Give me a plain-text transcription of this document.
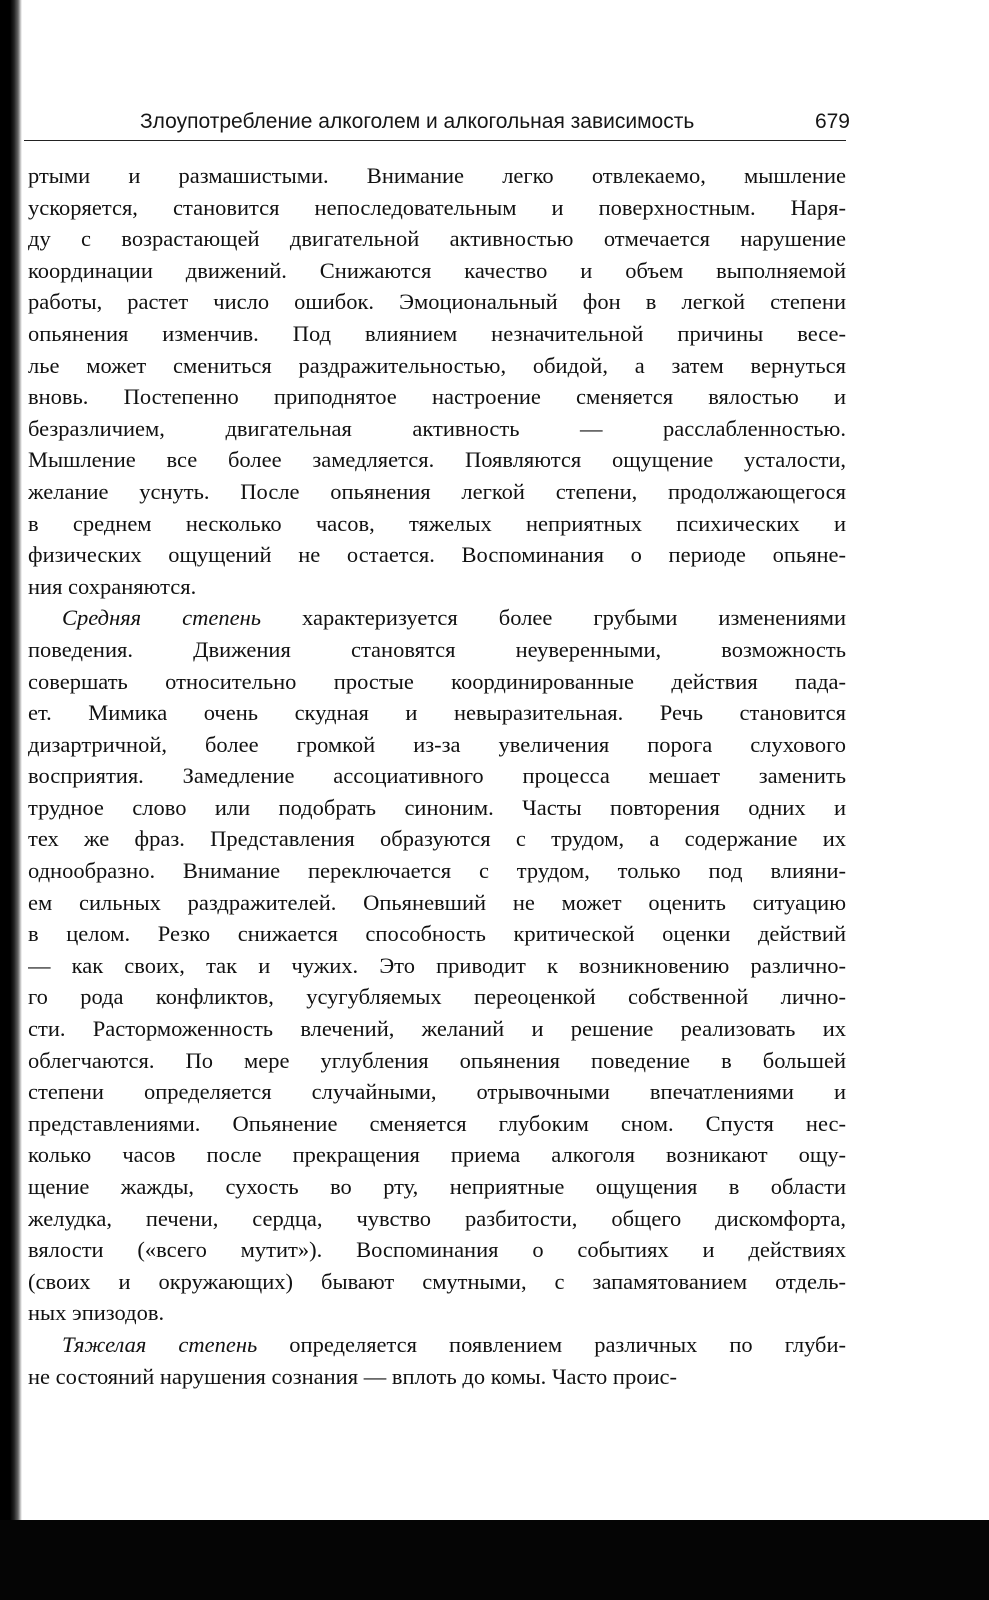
Злоупотребление алкоголем и алкогольная зависимость	679
ртыми и размашистыми. Внимание легко отвлекаемо, мышление
ускоряется, становится непоследовательным и поверхностным. Наря-
ду с возрастающей двигательной активностью отмечается нарушение
координации движений. Снижаются качество и объем выполняемой
работы, растет число ошибок. Эмоциональный фон в легкой степени
опьянения изменчив. Под влиянием незначительной причины весе-
лье может смениться раздражительностью, обидой, а затем вернуться
вновь. Постепенно приподнятое настроение сменяется вялостью и
безразличием, двигательная активность — расслабленностью.
Мышление все более замедляется. Появляются ощущение усталости,
желание уснуть. После опьянения легкой степени, продолжающегося
в среднем несколько часов, тяжелых неприятных психических и
физических ощущений не остается. Воспоминания о периоде опьяне-
ния сохраняются.
Средняя степень характеризуется более грубыми изменениями
поведения. Движения становятся неуверенными, возможность
совершать относительно простые координированные действия пада-
ет. Мимика очень скудная и невыразительная. Речь становится
дизартричной, более громкой из-за увеличения порога слухового
восприятия. Замедление ассоциативного процесса мешает заменить
трудное слово или подобрать синоним. Часты повторения одних и
тех же фраз. Представления образуются с трудом, а содержание их
однообразно. Внимание переключается с трудом, только под влияни-
ем сильных раздражителей. Опьяневший не может оценить ситуацию
в целом. Резко снижается способность критической оценки действий
— как своих, так и чужих. Это приводит к возникновению различно-
го рода конфликтов, усугубляемых переоценкой собственной лично-
сти. Расторможенность влечений, желаний и решение реализовать их
облегчаются. По мере углубления опьянения поведение в большей
степени определяется случайными, отрывочными впечатлениями и
представлениями. Опьянение сменяется глубоким сном. Спустя нес-
колько часов после прекращения приема алкоголя возникают ощу-
щение жажды, сухость во рту, неприятные ощущения в области
желудка, печени, сердца, чувство разбитости, общего дискомфорта,
вялости («всего мутит»). Воспоминания о событиях и действиях
(своих и окружающих) бывают смутными, с запамятованием отдель-
ных эпизодов.
Тяжелая степень определяется появлением различных по глуби-
не состояний нарушения сознания — вплоть до комы. Часто проис-
